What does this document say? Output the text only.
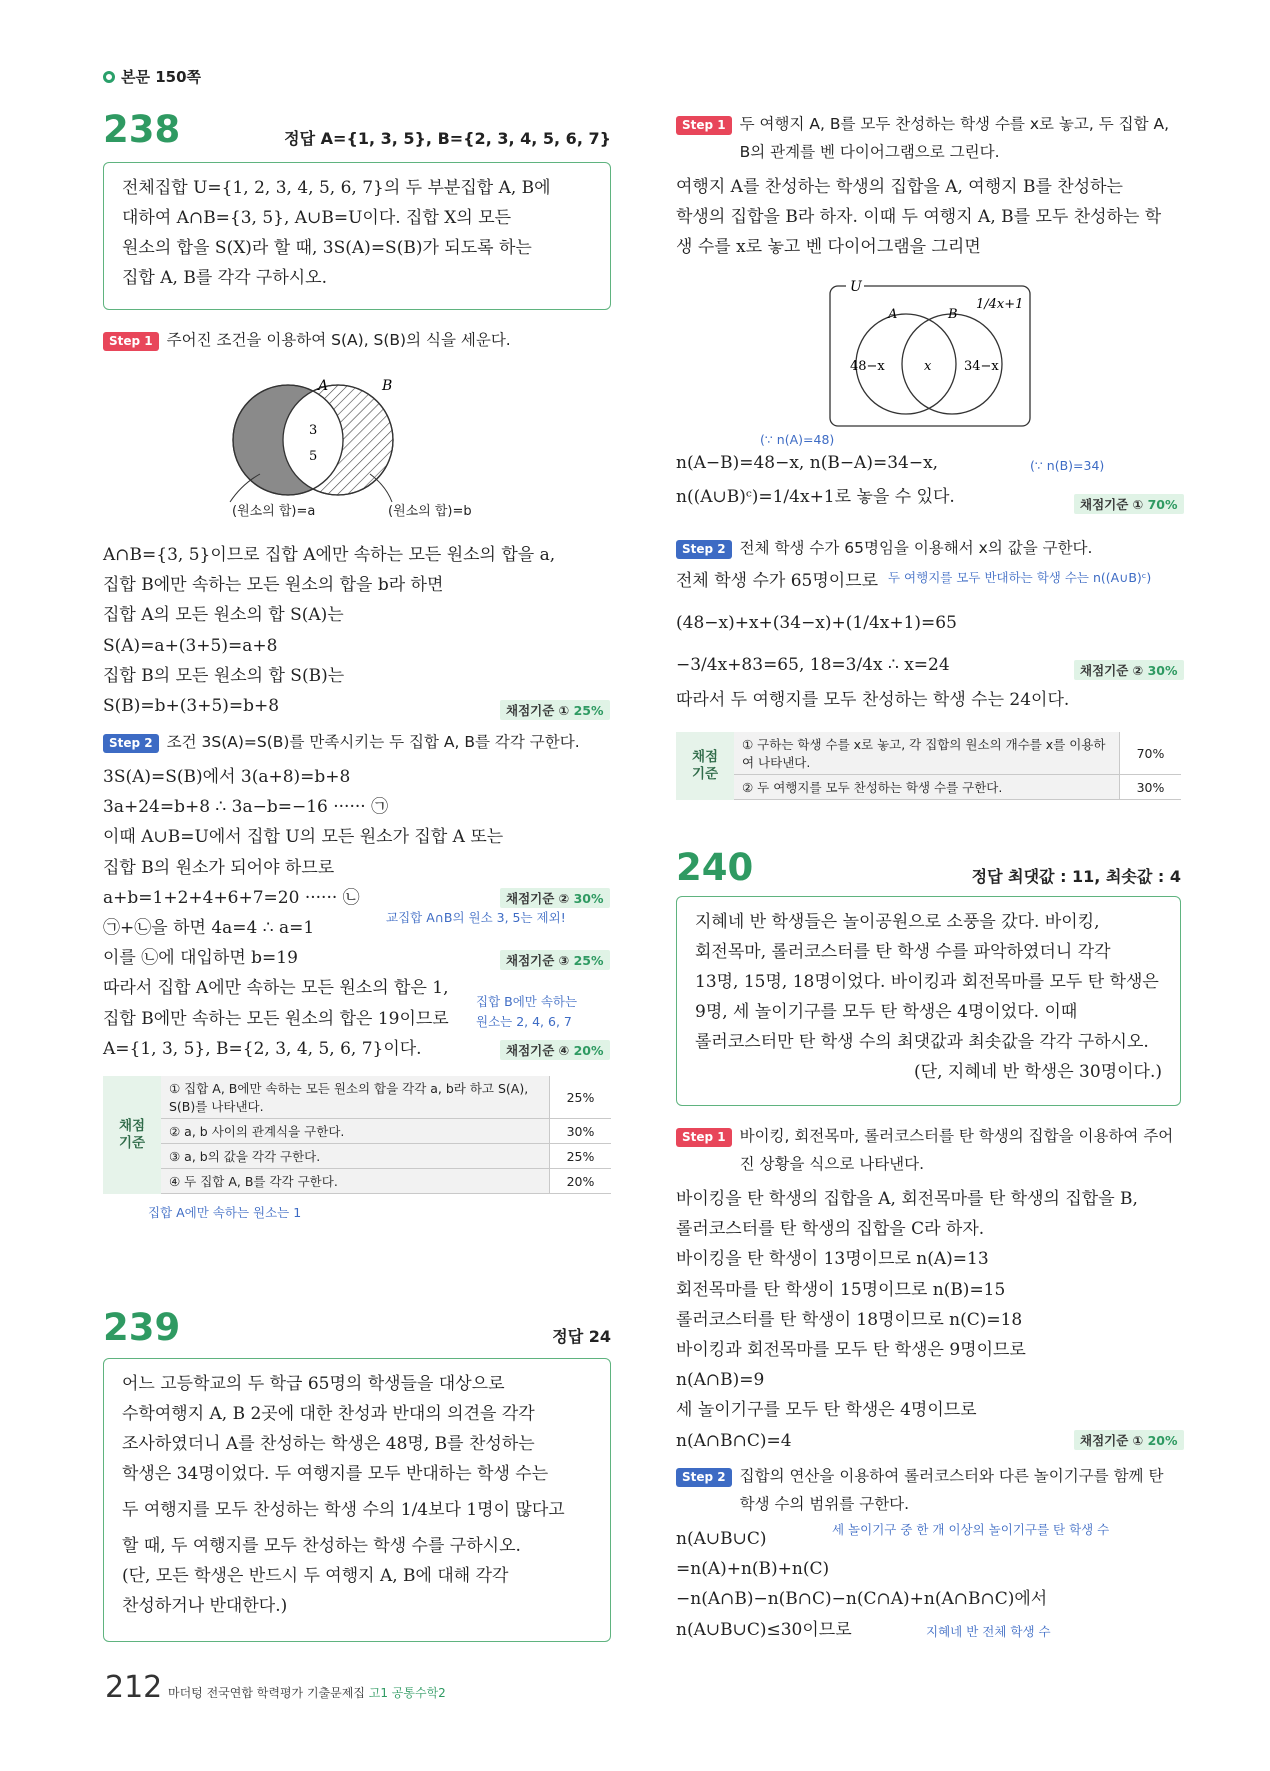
본문 150쪽
238	정답 A={1, 3, 5}, B={2, 3, 4, 5, 6, 7}
전체집합 U={1, 2, 3, 4, 5, 6, 7}의 두 부분집합 A, B에
대하여 A∩B={3, 5}, A∪B=U이다. 집합 X의 모든
원소의 합을 S(X)라 할 때, 3S(A)=S(B)가 되도록 하는
집합 A, B를 각각 구하시오.
Step 1 주어진 조건을 이용하여 S(A), S(B)의 식을 세운다.
A	B
3
5
(원소의 합)=a	(원소의 합)=b
A∩B={3, 5}이므로 집합 A에만 속하는 모든 원소의 합을 a,
집합 B에만 속하는 모든 원소의 합을 b라 하면
집합 A의 모든 원소의 합 S(A)는
S(A)=a+(3+5)=a+8
집합 B의 모든 원소의 합 S(B)는
S(B)=b+(3+5)=b+8	채점기준 ① 25%
Step 2 조건 3S(A)=S(B)를 만족시키는 두 집합 A, B를 각각 구한다.
3S(A)=S(B)에서 3(a+8)=b+8
3a+24=b+8 ∴ 3a−b=−16 ······ ㉠
이때 A∪B=U에서 집합 U의 모든 원소가 집합 A 또는
집합 B의 원소가 되어야 하므로
a+b=1+2+4+6+7=20 ······ ㉡
㉠+㉡을 하면 4a=4 ∴ a=1
이를 ㉡에 대입하면 b=19
따라서 집합 A에만 속하는 모든 원소의 합은 1,
집합 B에만 속하는 모든 원소의 합은 19이므로
A={1, 3, 5}, B={2, 3, 4, 5, 6, 7}이다.
채점기준 ② 30%
교집합 A∩B의 원소 3, 5는 제외!
채점기준 ③ 25%
집합 B에만 속하는
원소는 2, 4, 6, 7
채점기준 ④ 20%
채점 기준	① 집합 A, B에만 속하는 모든 원소의 합을 각각 a, b라 하고 S(A), S(B)를 나타낸다.	25%
	② a, b 사이의 관계식을 구한다.	30%
	③ a, b의 값을 각각 구한다.	25%
	④ 두 집합 A, B를 각각 구한다.	20%
집합 A에만 속하는 원소는 1
239	정답 24
어느 고등학교의 두 학급 65명의 학생들을 대상으로
수학여행지 A, B 2곳에 대한 찬성과 반대의 의견을 각각
조사하였더니 A를 찬성하는 학생은 48명, B를 찬성하는
학생은 34명이었다. 두 여행지를 모두 반대하는 학생 수는
두 여행지를 모두 찬성하는 학생 수의 1/4보다 1명이 많다고
할 때, 두 여행지를 모두 찬성하는 학생 수를 구하시오.
(단, 모든 학생은 반드시 두 여행지 A, B에 대해 각각
찬성하거나 반대한다.)
Step 1 두 여행지 A, B를 모두 찬성하는 학생 수를 x로 놓고, 두 집합 A, B의 관계를 벤 다이어그램으로 그린다.
여행지 A를 찬성하는 학생의 집합을 A, 여행지 B를 찬성하는
학생의 집합을 B라 하자. 이때 두 여행지 A, B를 모두 찬성하는 학
생 수를 x로 놓고 벤 다이어그램을 그리면
U
A	B
1/4x+1
48−x	x	34−x
(∵ n(A)=48)
n(A−B)=48−x, n(B−A)=34−x,
n((A∪B)ᶜ)=1/4x+1로 놓을 수 있다.
(∵ n(B)=34)
채점기준 ① 70%
Step 2 전체 학생 수가 65명임을 이용해서 x의 값을 구한다.
전체 학생 수가 65명이므로
(48−x)+x+(34−x)+(1/4x+1)=65
−3/4x+83=65, 18=3/4x ∴ x=24
따라서 두 여행지를 모두 찬성하는 학생 수는 24이다.
두 여행지를 모두 반대하는 학생 수는 n((A∪B)ᶜ)
채점기준 ② 30%
채점 기준	① 구하는 학생 수를 x로 놓고, 각 집합의 원소의 개수를 x를 이용하여 나타낸다.	70%
	② 두 여행지를 모두 찬성하는 학생 수를 구한다.	30%
240	정답 최댓값 : 11, 최솟값 : 4
지혜네 반 학생들은 놀이공원으로 소풍을 갔다. 바이킹,
회전목마, 롤러코스터를 탄 학생 수를 파악하였더니 각각
13명, 15명, 18명이었다. 바이킹과 회전목마를 모두 탄 학생은
9명, 세 놀이기구를 모두 탄 학생은 4명이었다. 이때
롤러코스터만 탄 학생 수의 최댓값과 최솟값을 각각 구하시오.
(단, 지혜네 반 학생은 30명이다.)
Step 1 바이킹, 회전목마, 롤러코스터를 탄 학생의 집합을 이용하여 주어진 상황을 식으로 나타낸다.
바이킹을 탄 학생의 집합을 A, 회전목마를 탄 학생의 집합을 B,
롤러코스터를 탄 학생의 집합을 C라 하자.
바이킹을 탄 학생이 13명이므로 n(A)=13
회전목마를 탄 학생이 15명이므로 n(B)=15
롤러코스터를 탄 학생이 18명이므로 n(C)=18
바이킹과 회전목마를 모두 탄 학생은 9명이므로
n(A∩B)=9
세 놀이기구를 모두 탄 학생은 4명이므로
n(A∩B∩C)=4	채점기준 ① 20%
Step 2 집합의 연산을 이용하여 롤러코스터와 다른 놀이기구를 함께 탄 학생 수의 범위를 구한다.
n(A∪B∪C)
=n(A)+n(B)+n(C)
−n(A∩B)−n(B∩C)−n(C∩A)+n(A∩B∩C)에서
n(A∪B∪C)≤30이므로
세 놀이기구 중 한 개 이상의 놀이기구를 탄 학생 수
지혜네 반 전체 학생 수
212 마더텅 전국연합 학력평가 기출문제집 고1 공통수학2
